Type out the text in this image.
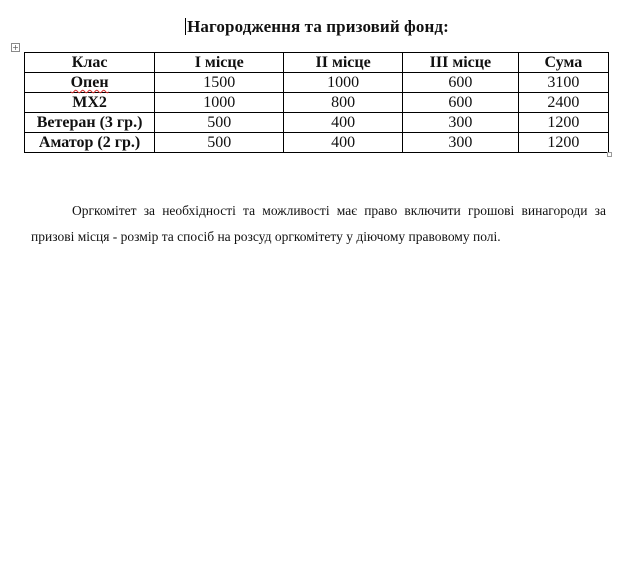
Нагородження та призовий фонд:
+
Клас	І місце	ІІ місце	ІІІ місце	Сума
Опен	1500	1000	600	3100
МХ2	1000	800	600	2400
Ветеран (3 гр.)	500	400	300	1200
Аматор (2 гр.)	500	400	300	1200

Оргкомітет за необхідності та можливості має право включити грошові винагороди за призові місця - розмір та спосіб на розсуд оргкомітету у діючому правовому полі.
